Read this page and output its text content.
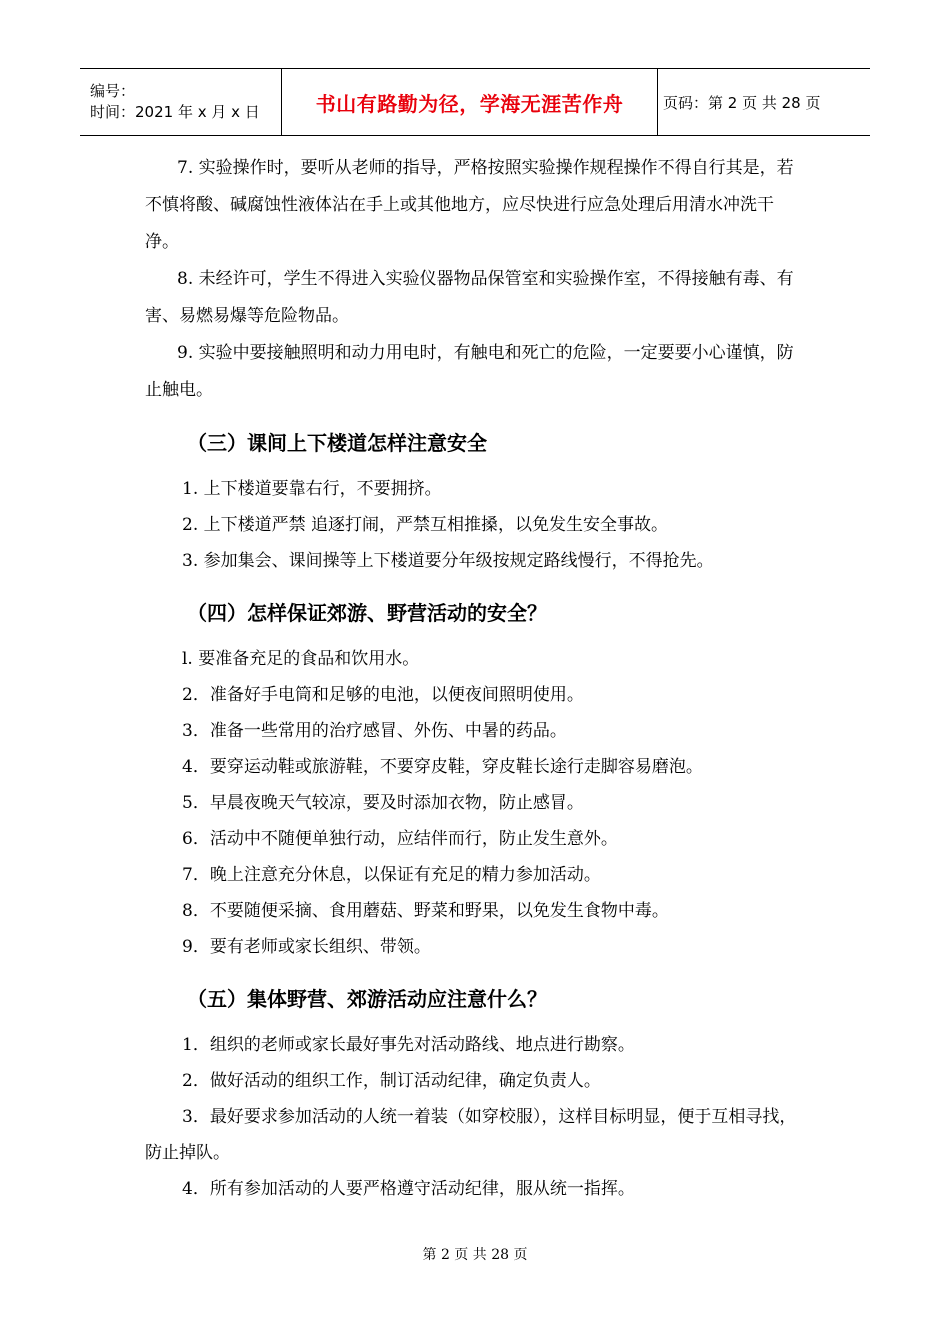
编号：
时间：2021 年 x 月 x 日	书山有路勤为径，学海无涯苦作舟	页码：第 2 页 共 28 页

7. 实验操作时，要听从老师的指导，严格按照实验操作规程操作不得自行其是，若不慎将酸、碱腐蚀性液体沾在手上或其他地方，应尽快进行应急处理后用清水冲洗干净。

8. 未经许可，学生不得进入实验仪器物品保管室和实验操作室，不得接触有毒、有害、易燃易爆等危险物品。

9. 实验中要接触照明和动力用电时，有触电和死亡的危险，一定要要小心谨慎，防止触电。

（三）课间上下楼道怎样注意安全

1. 上下楼道要靠右行，不要拥挤。

2. 上下楼道严禁 追逐打闹，严禁互相推搡，以免发生安全事故。

3. 参加集会、课间操等上下楼道要分年级按规定路线慢行，不得抢先。

（四）怎样保证郊游、野营活动的安全？

l. 要准备充足的食品和饮用水。

2．准备好手电筒和足够的电池，以便夜间照明使用。

3．准备一些常用的治疗感冒、外伤、中暑的药品。

4．要穿运动鞋或旅游鞋，不要穿皮鞋，穿皮鞋长途行走脚容易磨泡。

5．早晨夜晚天气较凉，要及时添加衣物，防止感冒。

6．活动中不随便单独行动，应结伴而行，防止发生意外。

7．晚上注意充分休息，以保证有充足的精力参加活动。

8．不要随便采摘、食用蘑菇、野菜和野果，以免发生食物中毒。

9．要有老师或家长组织、带领。

（五）集体野营、郊游活动应注意什么？

1．组织的老师或家长最好事先对活动路线、地点进行勘察。

2．做好活动的组织工作，制订活动纪律，确定负责人。

3．最好要求参加活动的人统一着装（如穿校服），这样目标明显，便于互相寻找，防止掉队。

4．所有参加活动的人要严格遵守活动纪律，服从统一指挥。

第 2 页 共 28 页
